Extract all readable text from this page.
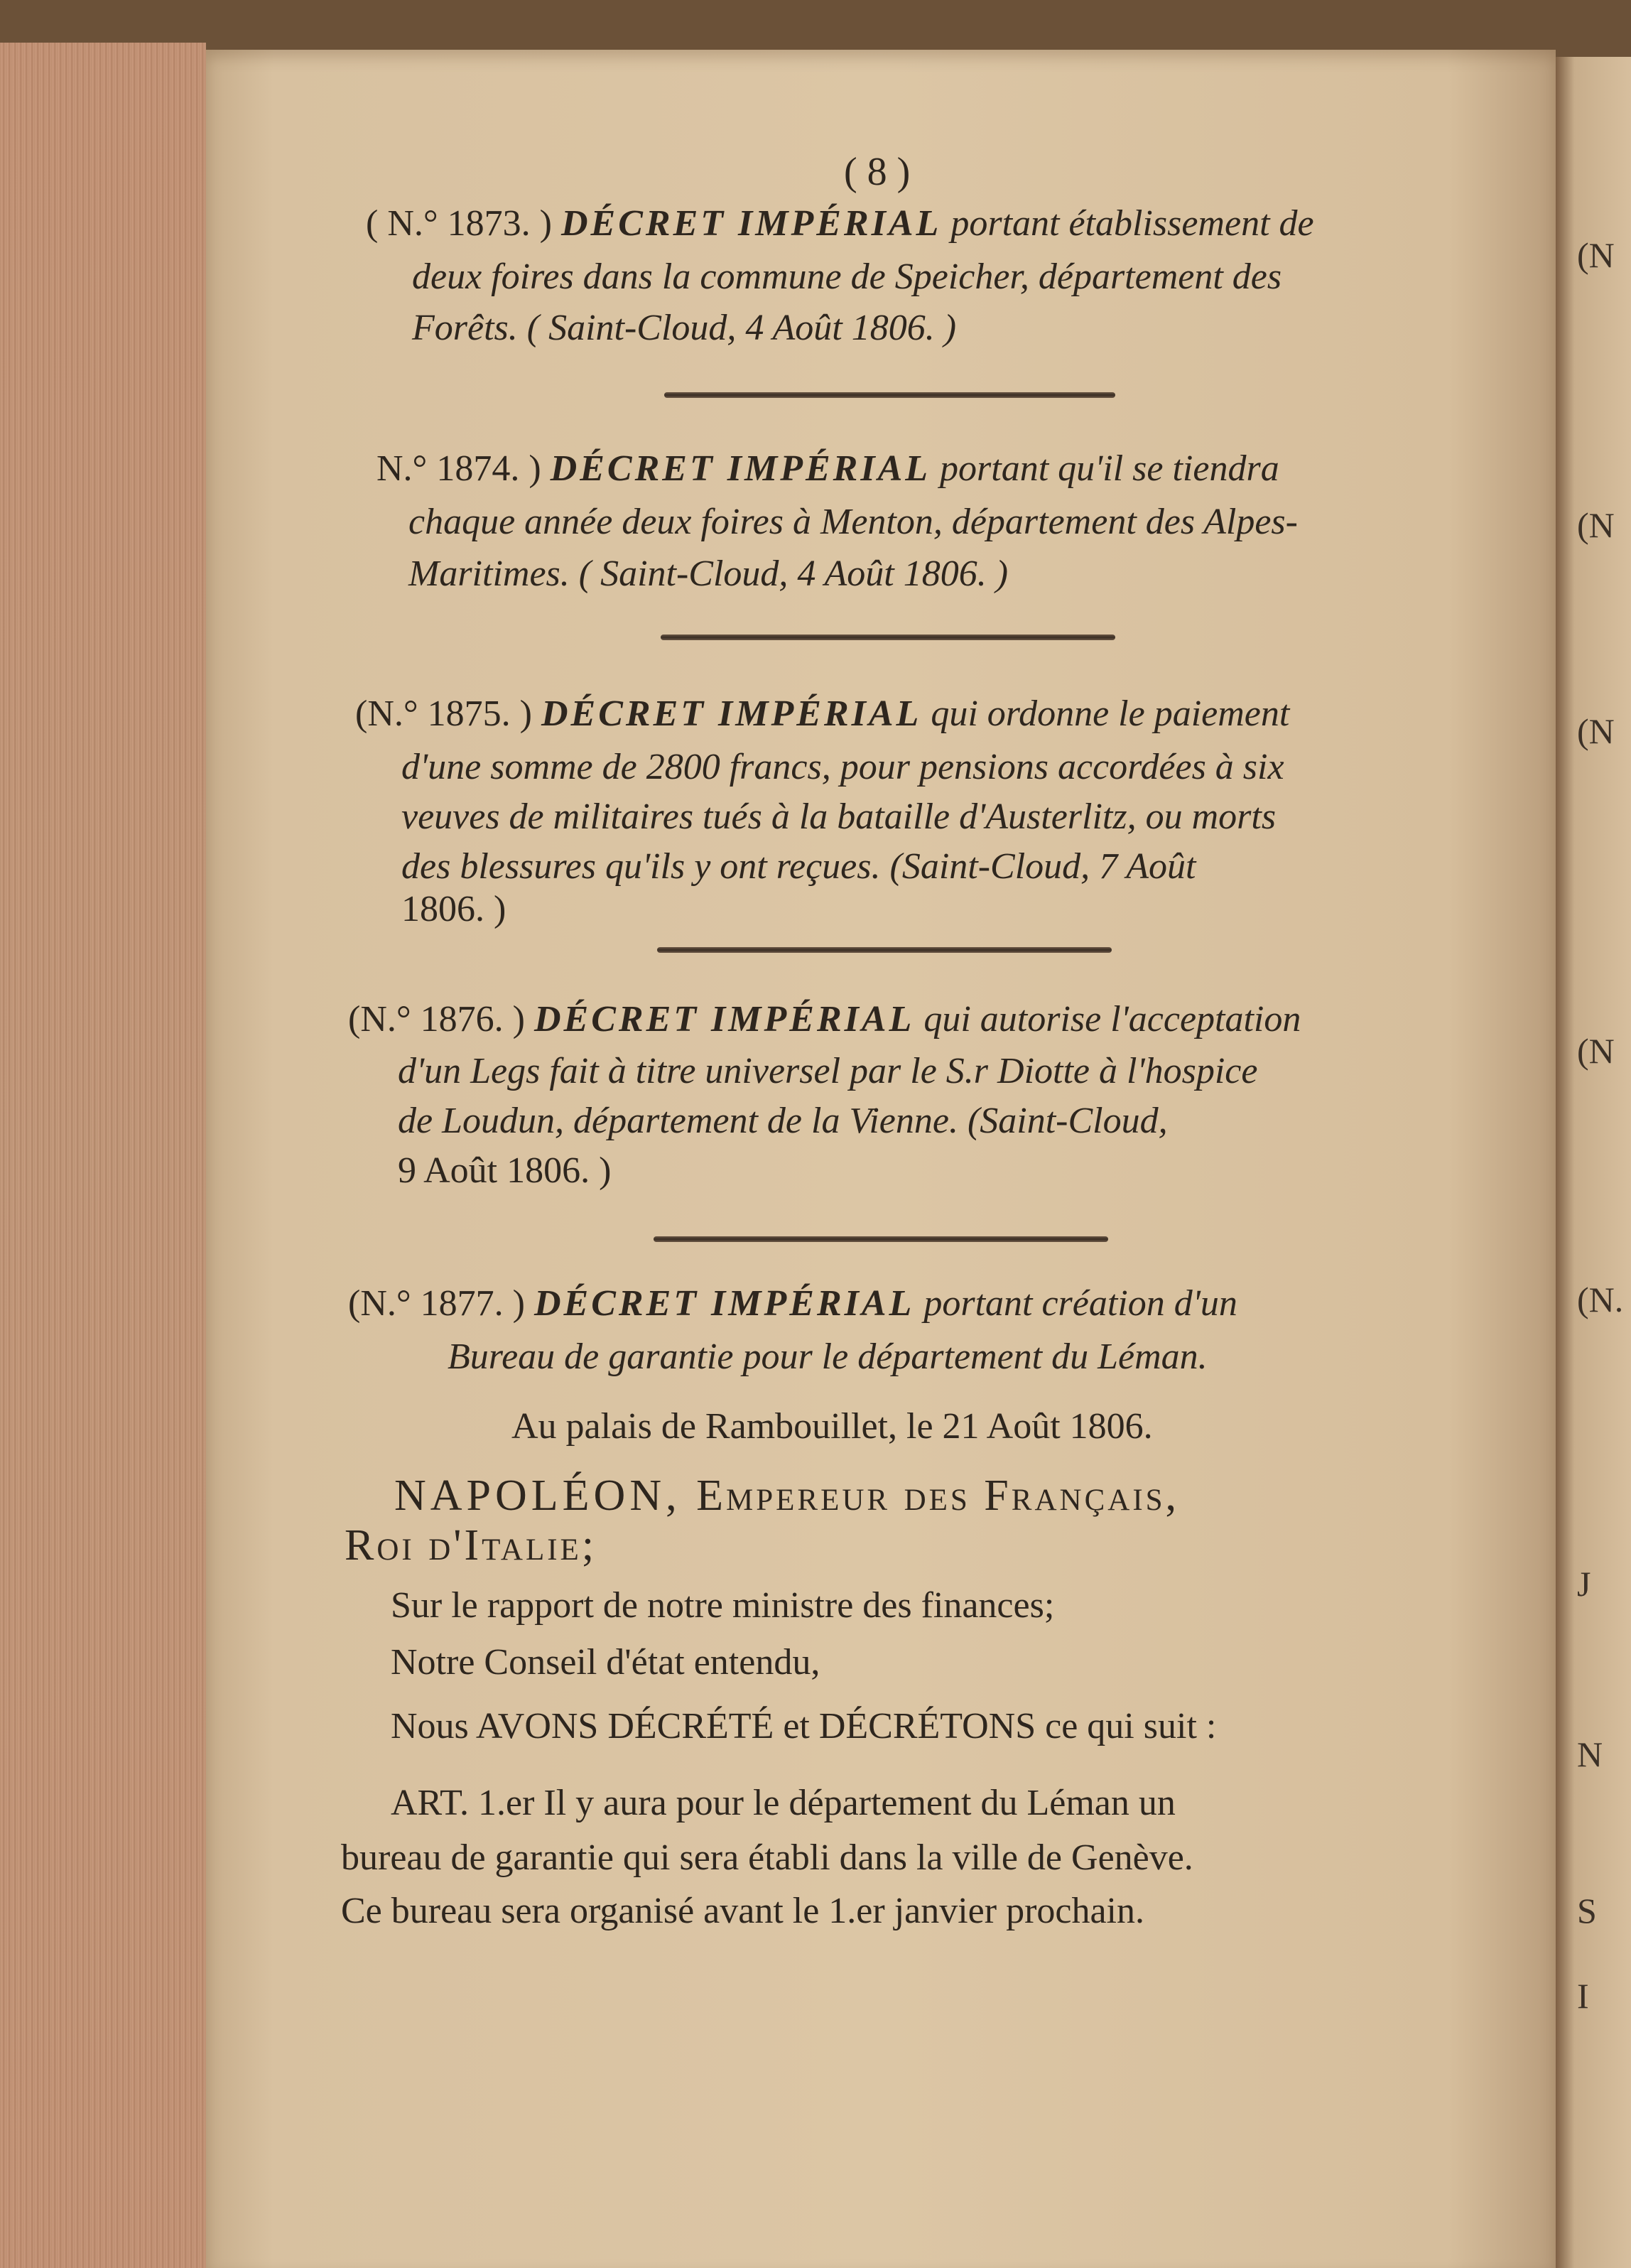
(N
(N
(N
(N
(N.
J
N
S
I
( 8 )
( N.° 1873. ) DÉCRET IMPÉRIAL portant établissement de
deux foires dans la commune de Speicher, département des
Forêts. ( Saint-Cloud, 4 Août 1806. )
N.° 1874. ) DÉCRET IMPÉRIAL portant qu'il se tiendra
chaque année deux foires à Menton, département des Alpes-
Maritimes. ( Saint-Cloud, 4 Août 1806. )
(N.° 1875. ) DÉCRET IMPÉRIAL qui ordonne le paiement
d'une somme de 2800 francs, pour pensions accordées à six
veuves de militaires tués à la bataille d'Austerlitz, ou morts
des blessures qu'ils y ont reçues. (Saint-Cloud, 7 Août
1806. )
(N.° 1876. ) DÉCRET IMPÉRIAL qui autorise l'acceptation
d'un Legs fait à titre universel par le S.r Diotte à l'hospice
de Loudun, département de la Vienne. (Saint-Cloud,
9 Août 1806. )
(N.° 1877. ) DÉCRET IMPÉRIAL portant création d'un
Bureau de garantie pour le département du Léman.
Au palais de Rambouillet, le 21 Août 1806.
NAPOLÉON, Empereur des Français,
Roi d'Italie;
Sur le rapport de notre ministre des finances;
Notre Conseil d'état entendu,
Nous AVONS DÉCRÉTÉ et DÉCRÉTONS ce qui suit :
ART. 1.er Il y aura pour le département du Léman un
bureau de garantie qui sera établi dans la ville de Genève.
Ce bureau sera organisé avant le 1.er janvier prochain.
